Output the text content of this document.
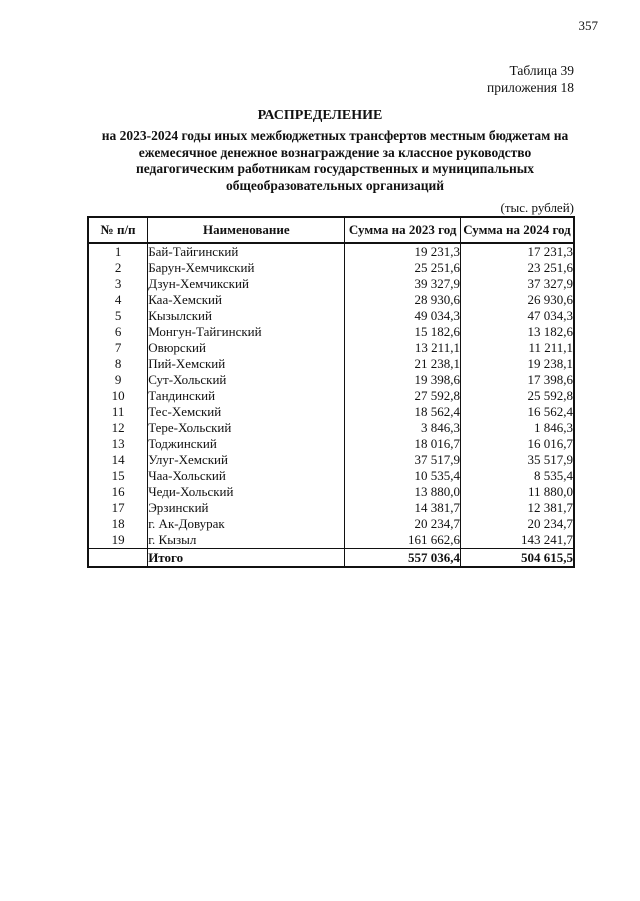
357
Таблица 39
приложения 18
РАСПРЕДЕЛЕНИЕ
на 2023-2024 годы иных межбюджетных трансфертов местным бюджетам на ежемесячное денежное вознаграждение за классное руководство педагогическим работникам государственных и муниципальных общеобразовательных организаций
(тыс. рублей)
№ п/п	Наименование	Сумма на 2023 год	Сумма на 2024 год
1	Бай-Тайгинский	19 231,3	17 231,3
2	Барун-Хемчикский	25 251,6	23 251,6
3	Дзун-Хемчикский	39 327,9	37 327,9
4	Каа-Хемский	28 930,6	26 930,6
5	Кызылский	49 034,3	47 034,3
6	Монгун-Тайгинский	15 182,6	13 182,6
7	Овюрский	13 211,1	11 211,1
8	Пий-Хемский	21 238,1	19 238,1
9	Сут-Хольский	19 398,6	17 398,6
10	Тандинский	27 592,8	25 592,8
11	Тес-Хемский	18 562,4	16 562,4
12	Тере-Хольский	3 846,3	1 846,3
13	Тоджинский	18 016,7	16 016,7
14	Улуг-Хемский	37 517,9	35 517,9
15	Чаа-Хольский	10 535,4	8 535,4
16	Чеди-Хольский	13 880,0	11 880,0
17	Эрзинский	14 381,7	12 381,7
18	г. Ак-Довурак	20 234,7	20 234,7
19	г. Кызыл	161 662,6	143 241,7
	Итого	557 036,4	504 615,5
